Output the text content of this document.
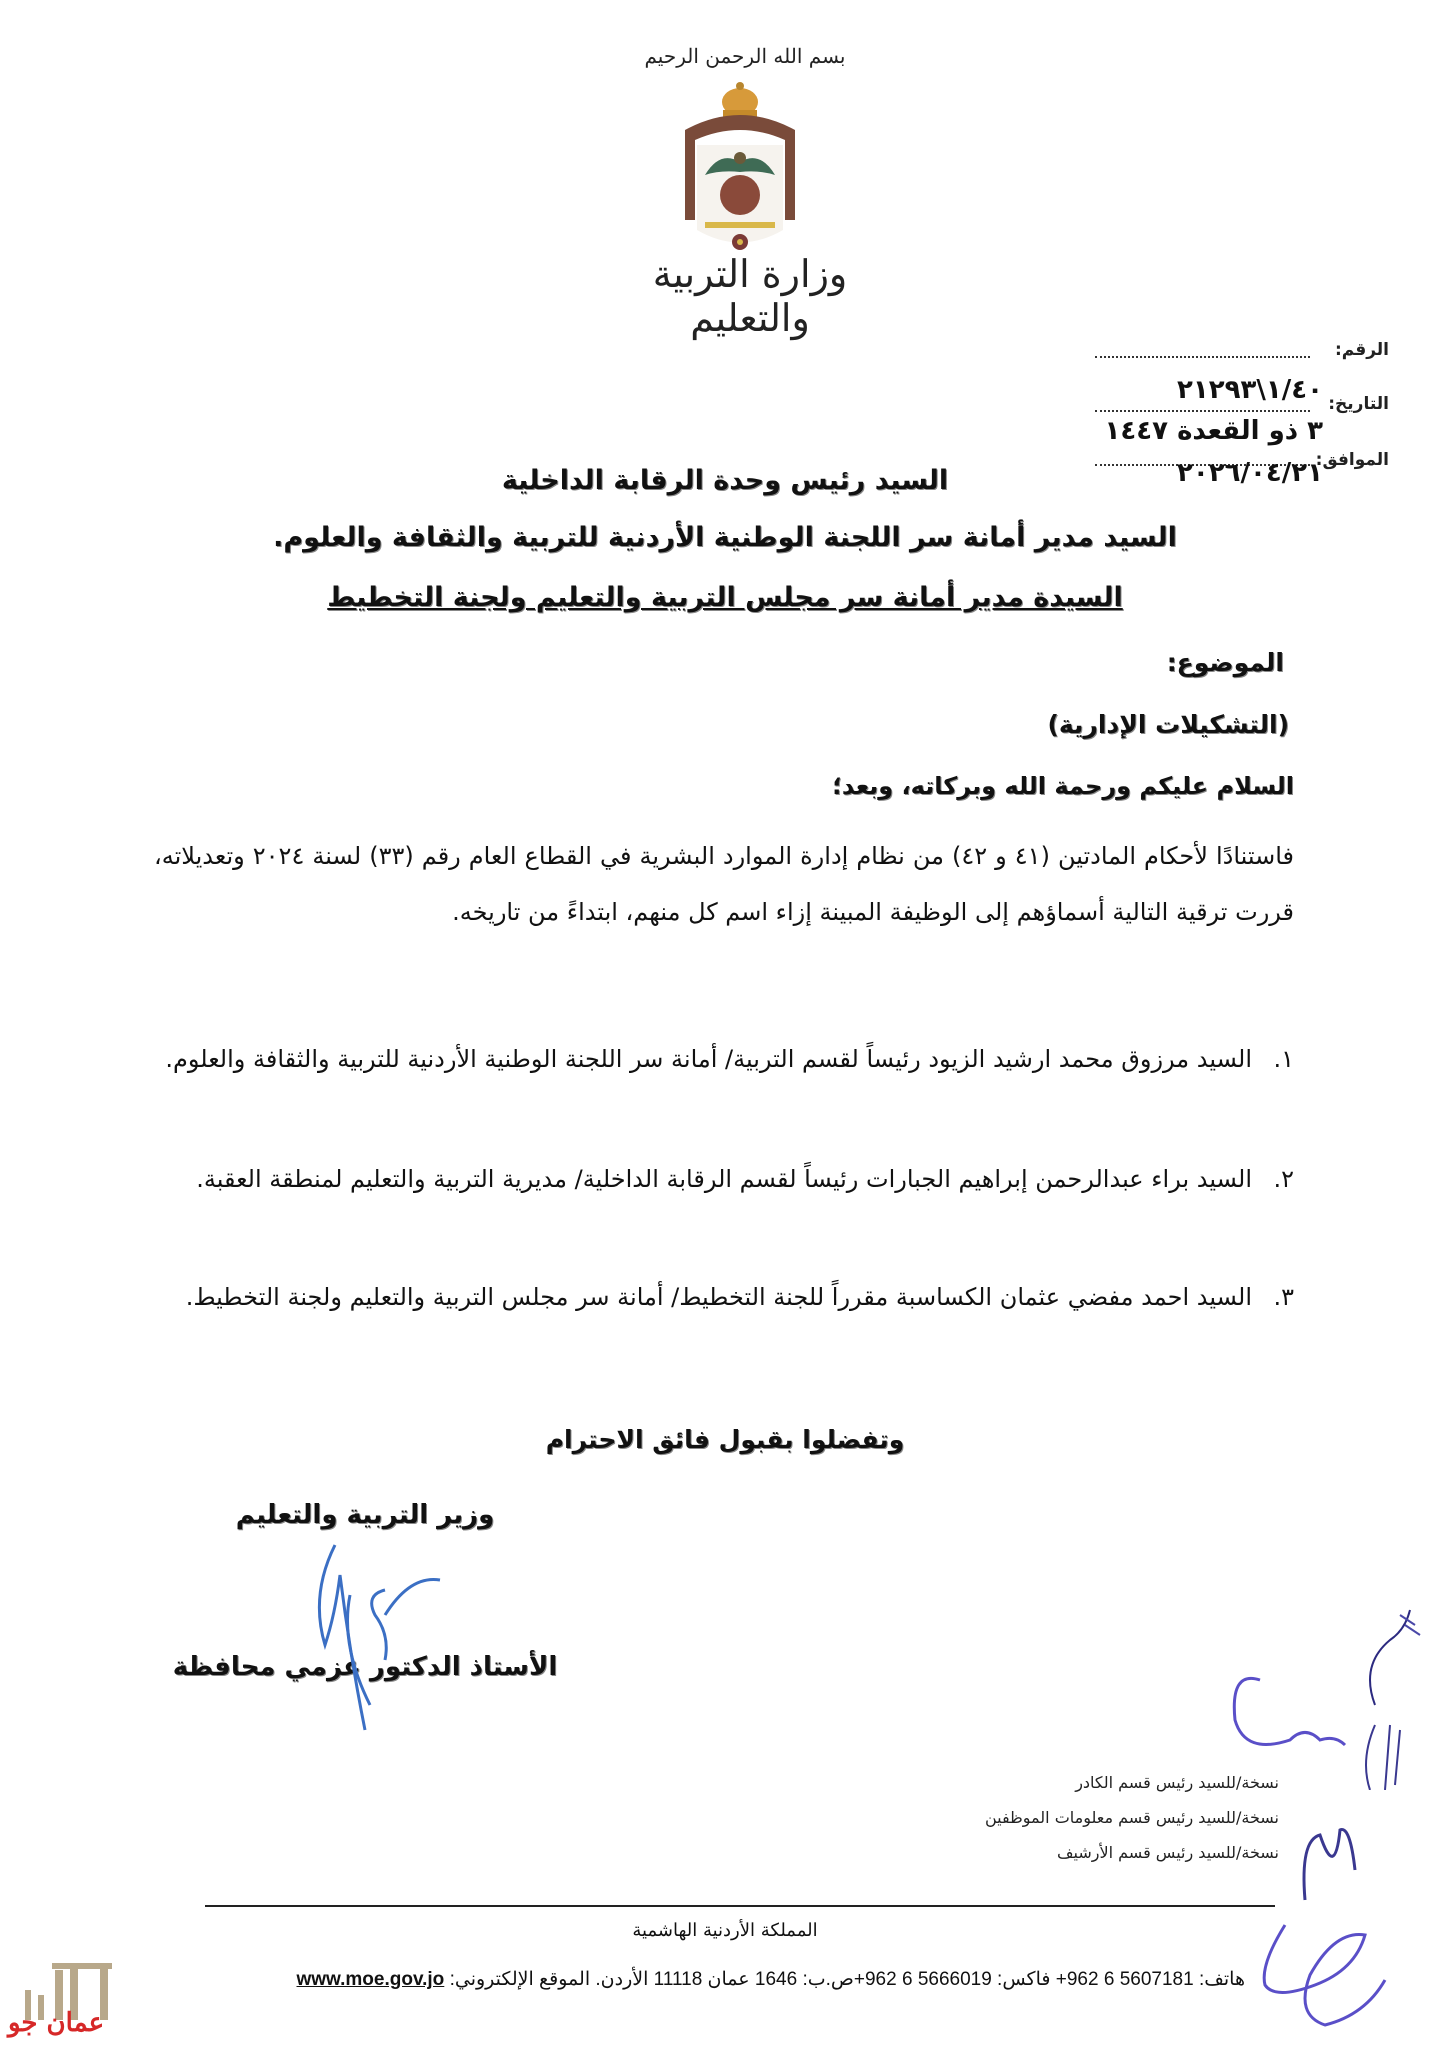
بسم الله الرحمن الرحيم
وزارة التربية والتعليم
الرقم:
١/٤٠\٢١٢٩٣ التاريخ:
٣ ذو القعدة ١٤٤٧
الموافق:
٢٠٢٦/٠٤/٢١
السيد رئيس وحدة الرقابة الداخلية
السيد مدير أمانة سر اللجنة الوطنية الأردنية للتربية والثقافة والعلوم.
السيدة مدير أمانة سر مجلس التربية والتعليم ولجنة التخطيط
الموضوع:
(التشكيلات الإدارية)
السلام عليكم ورحمة الله وبركاته، وبعد؛
فاستنادًا لأحكام المادتين (٤١ و ٤٢) من نظام إدارة الموارد البشرية في القطاع العام رقم (٣٣) لسنة ٢٠٢٤ وتعديلاته، قررت ترقية التالية أسماؤهم إلى الوظيفة المبينة إزاء اسم كل منهم، ابتداءً من تاريخه.
١.السيد مرزوق محمد ارشيد الزيود رئيساً لقسم التربية/ أمانة سر اللجنة الوطنية الأردنية للتربية والثقافة والعلوم.
٢.السيد براء عبدالرحمن إبراهيم الجبارات رئيساً لقسم الرقابة الداخلية/ مديرية التربية والتعليم لمنطقة العقبة.
٣.السيد احمد مفضي عثمان الكساسبة مقرراً للجنة التخطيط/ أمانة سر مجلس التربية والتعليم ولجنة التخطيط.
وتفضلوا بقبول فائق الاحترام
وزير التربية والتعليم
الأستاذ الدكتور عزمي محافظة
نسخة/للسيد رئيس قسم الكادر
نسخة/للسيد رئيس قسم معلومات الموظفين
نسخة/للسيد رئيس قسم الأرشيف
المملكة الأردنية الهاشمية
هاتف: 5607181 6 962+ فاكس: 5666019 6 962+ص.ب: 1646 عمان 11118 الأردن. الموقع الإلكتروني: www.moe.gov.jo
عمان جو
